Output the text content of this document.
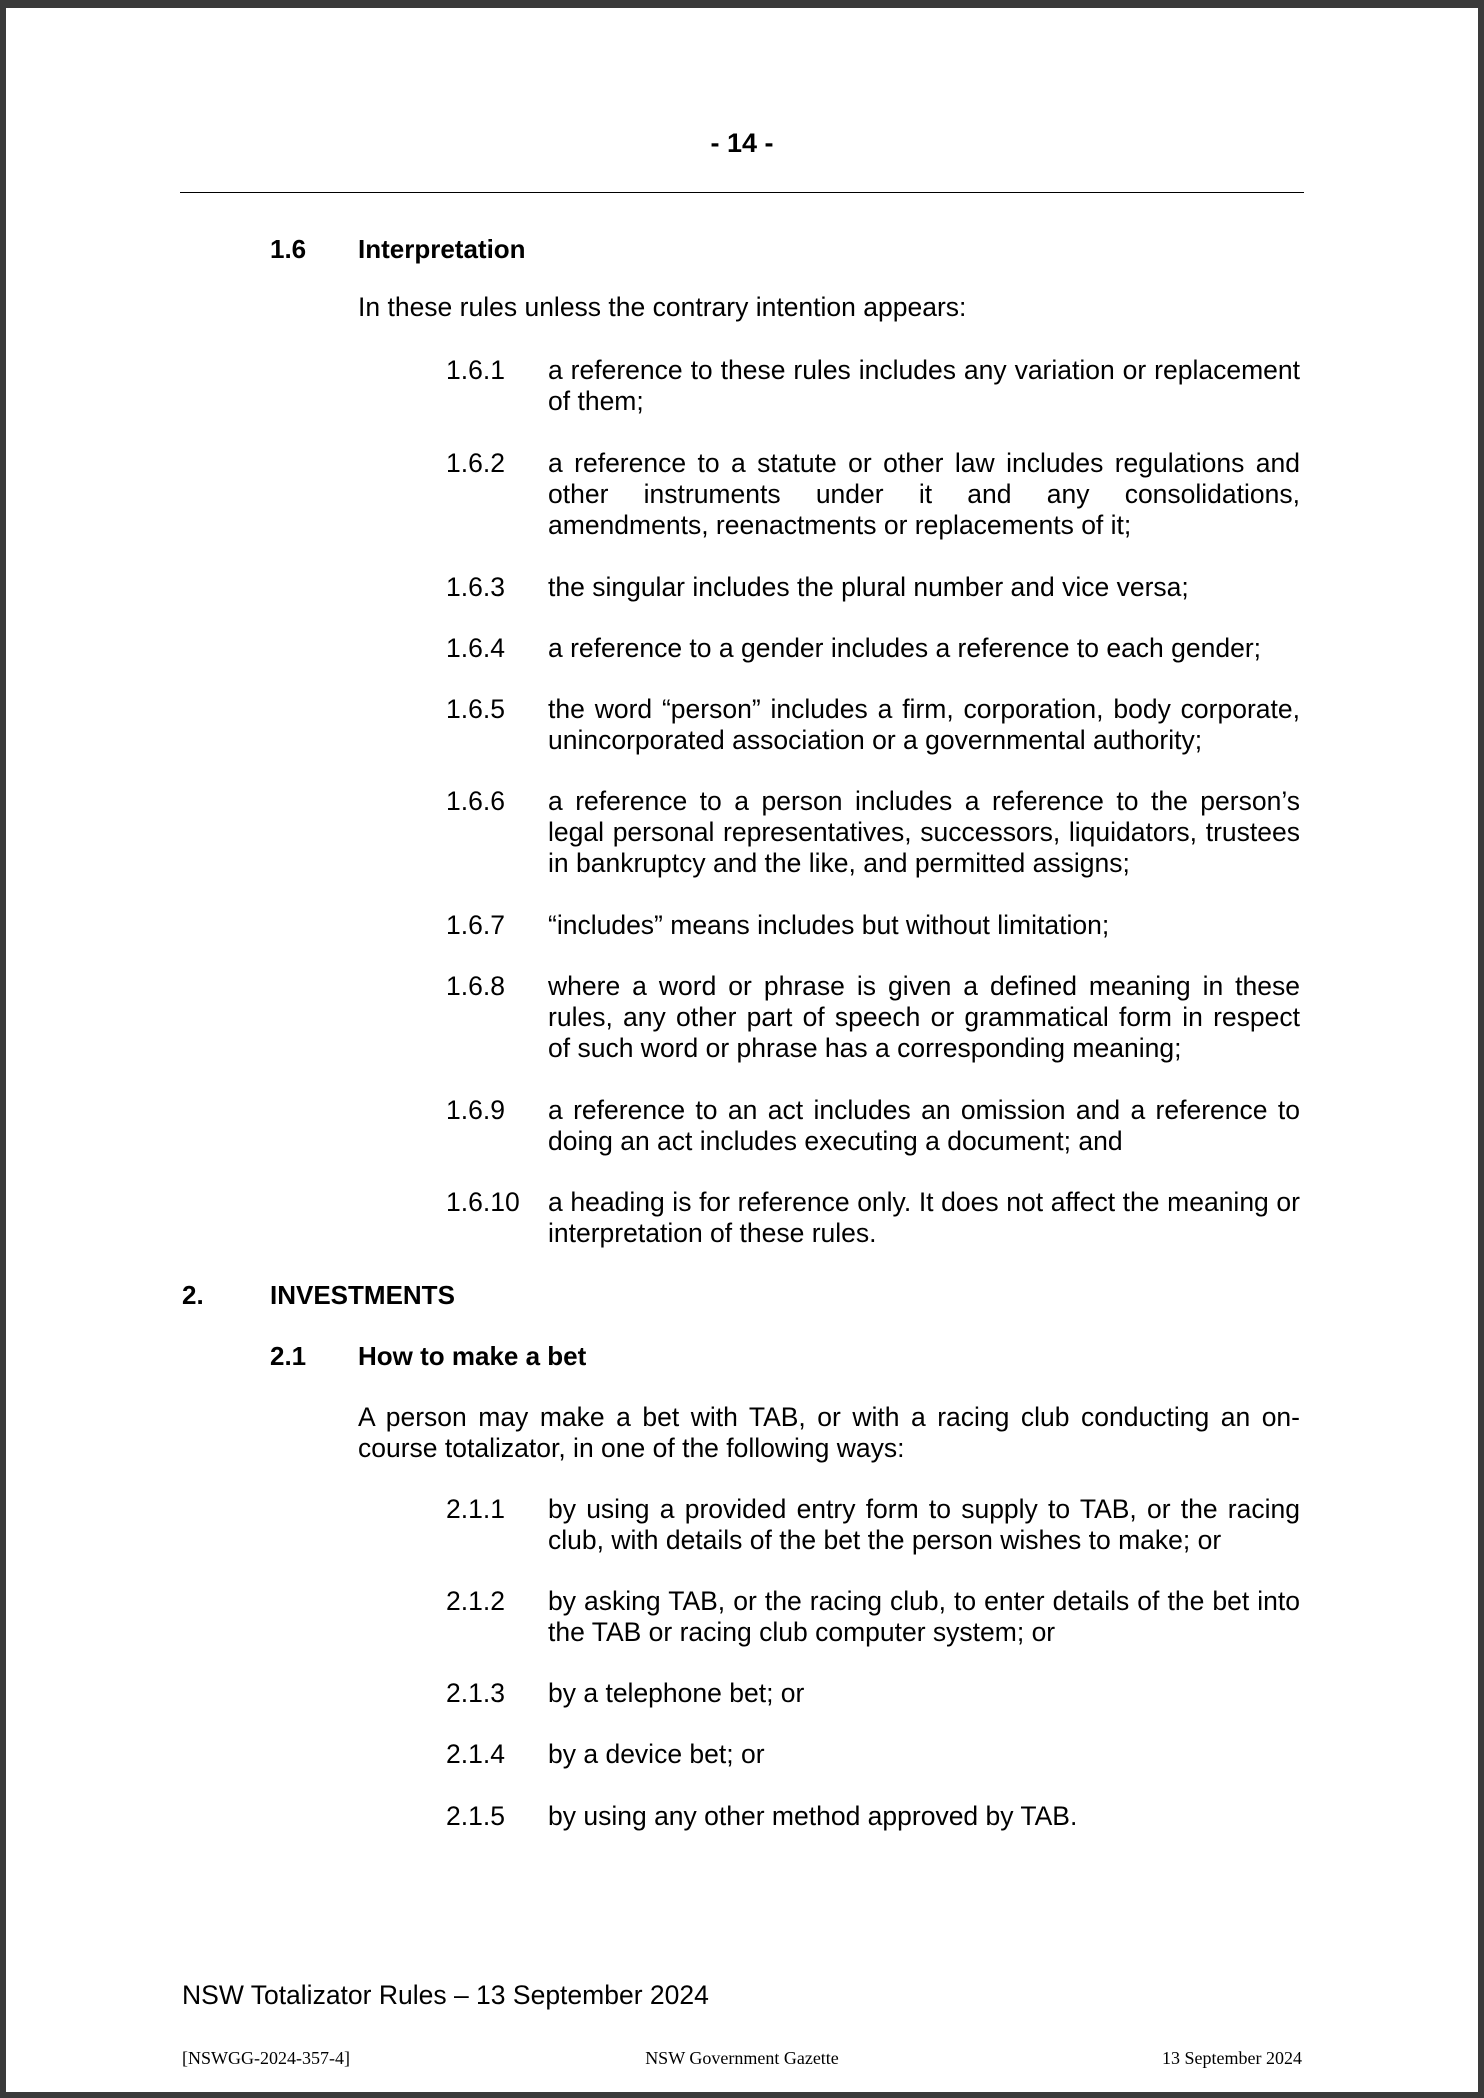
- 14 -
1.6 Interpretation
In these rules unless the contrary intention appears:
1.6.1 a reference to these rules includes any variation or replacement of them;
1.6.2 a reference to a statute or other law includes regulations and other instruments under it and any consolidations, amendments, reenactments or replacements of it;
1.6.3 the singular includes the plural number and vice versa;
1.6.4 a reference to a gender includes a reference to each gender;
1.6.5 the word “person” includes a firm, corporation, body corporate, unincorporated association or a governmental authority;
1.6.6 a reference to a person includes a reference to the person’s legal personal representatives, successors, liquidators, trustees in bankruptcy and the like, and permitted assigns;
1.6.7 “includes” means includes but without limitation;
1.6.8 where a word or phrase is given a defined meaning in these rules, any other part of speech or grammatical form in respect of such word or phrase has a corresponding meaning;
1.6.9 a reference to an act includes an omission and a reference to doing an act includes executing a document; and
1.6.10 a heading is for reference only. It does not affect the meaning or interpretation of these rules.
2.	INVESTMENTS
2.1 How to make a bet
A person may make a bet with TAB, or with a racing club conducting an on-course totalizator, in one of the following ways:
2.1.1 by using a provided entry form to supply to TAB, or the racing club, with details of the bet the person wishes to make; or
2.1.2 by asking TAB, or the racing club, to enter details of the bet into the TAB or racing club computer system; or
2.1.3 by a telephone bet; or
2.1.4 by a device bet; or
2.1.5 by using any other method approved by TAB.
NSW Totalizator Rules – 13 September 2024
[NSWGG-2024-357-4]	NSW Government Gazette	13 September 2024
